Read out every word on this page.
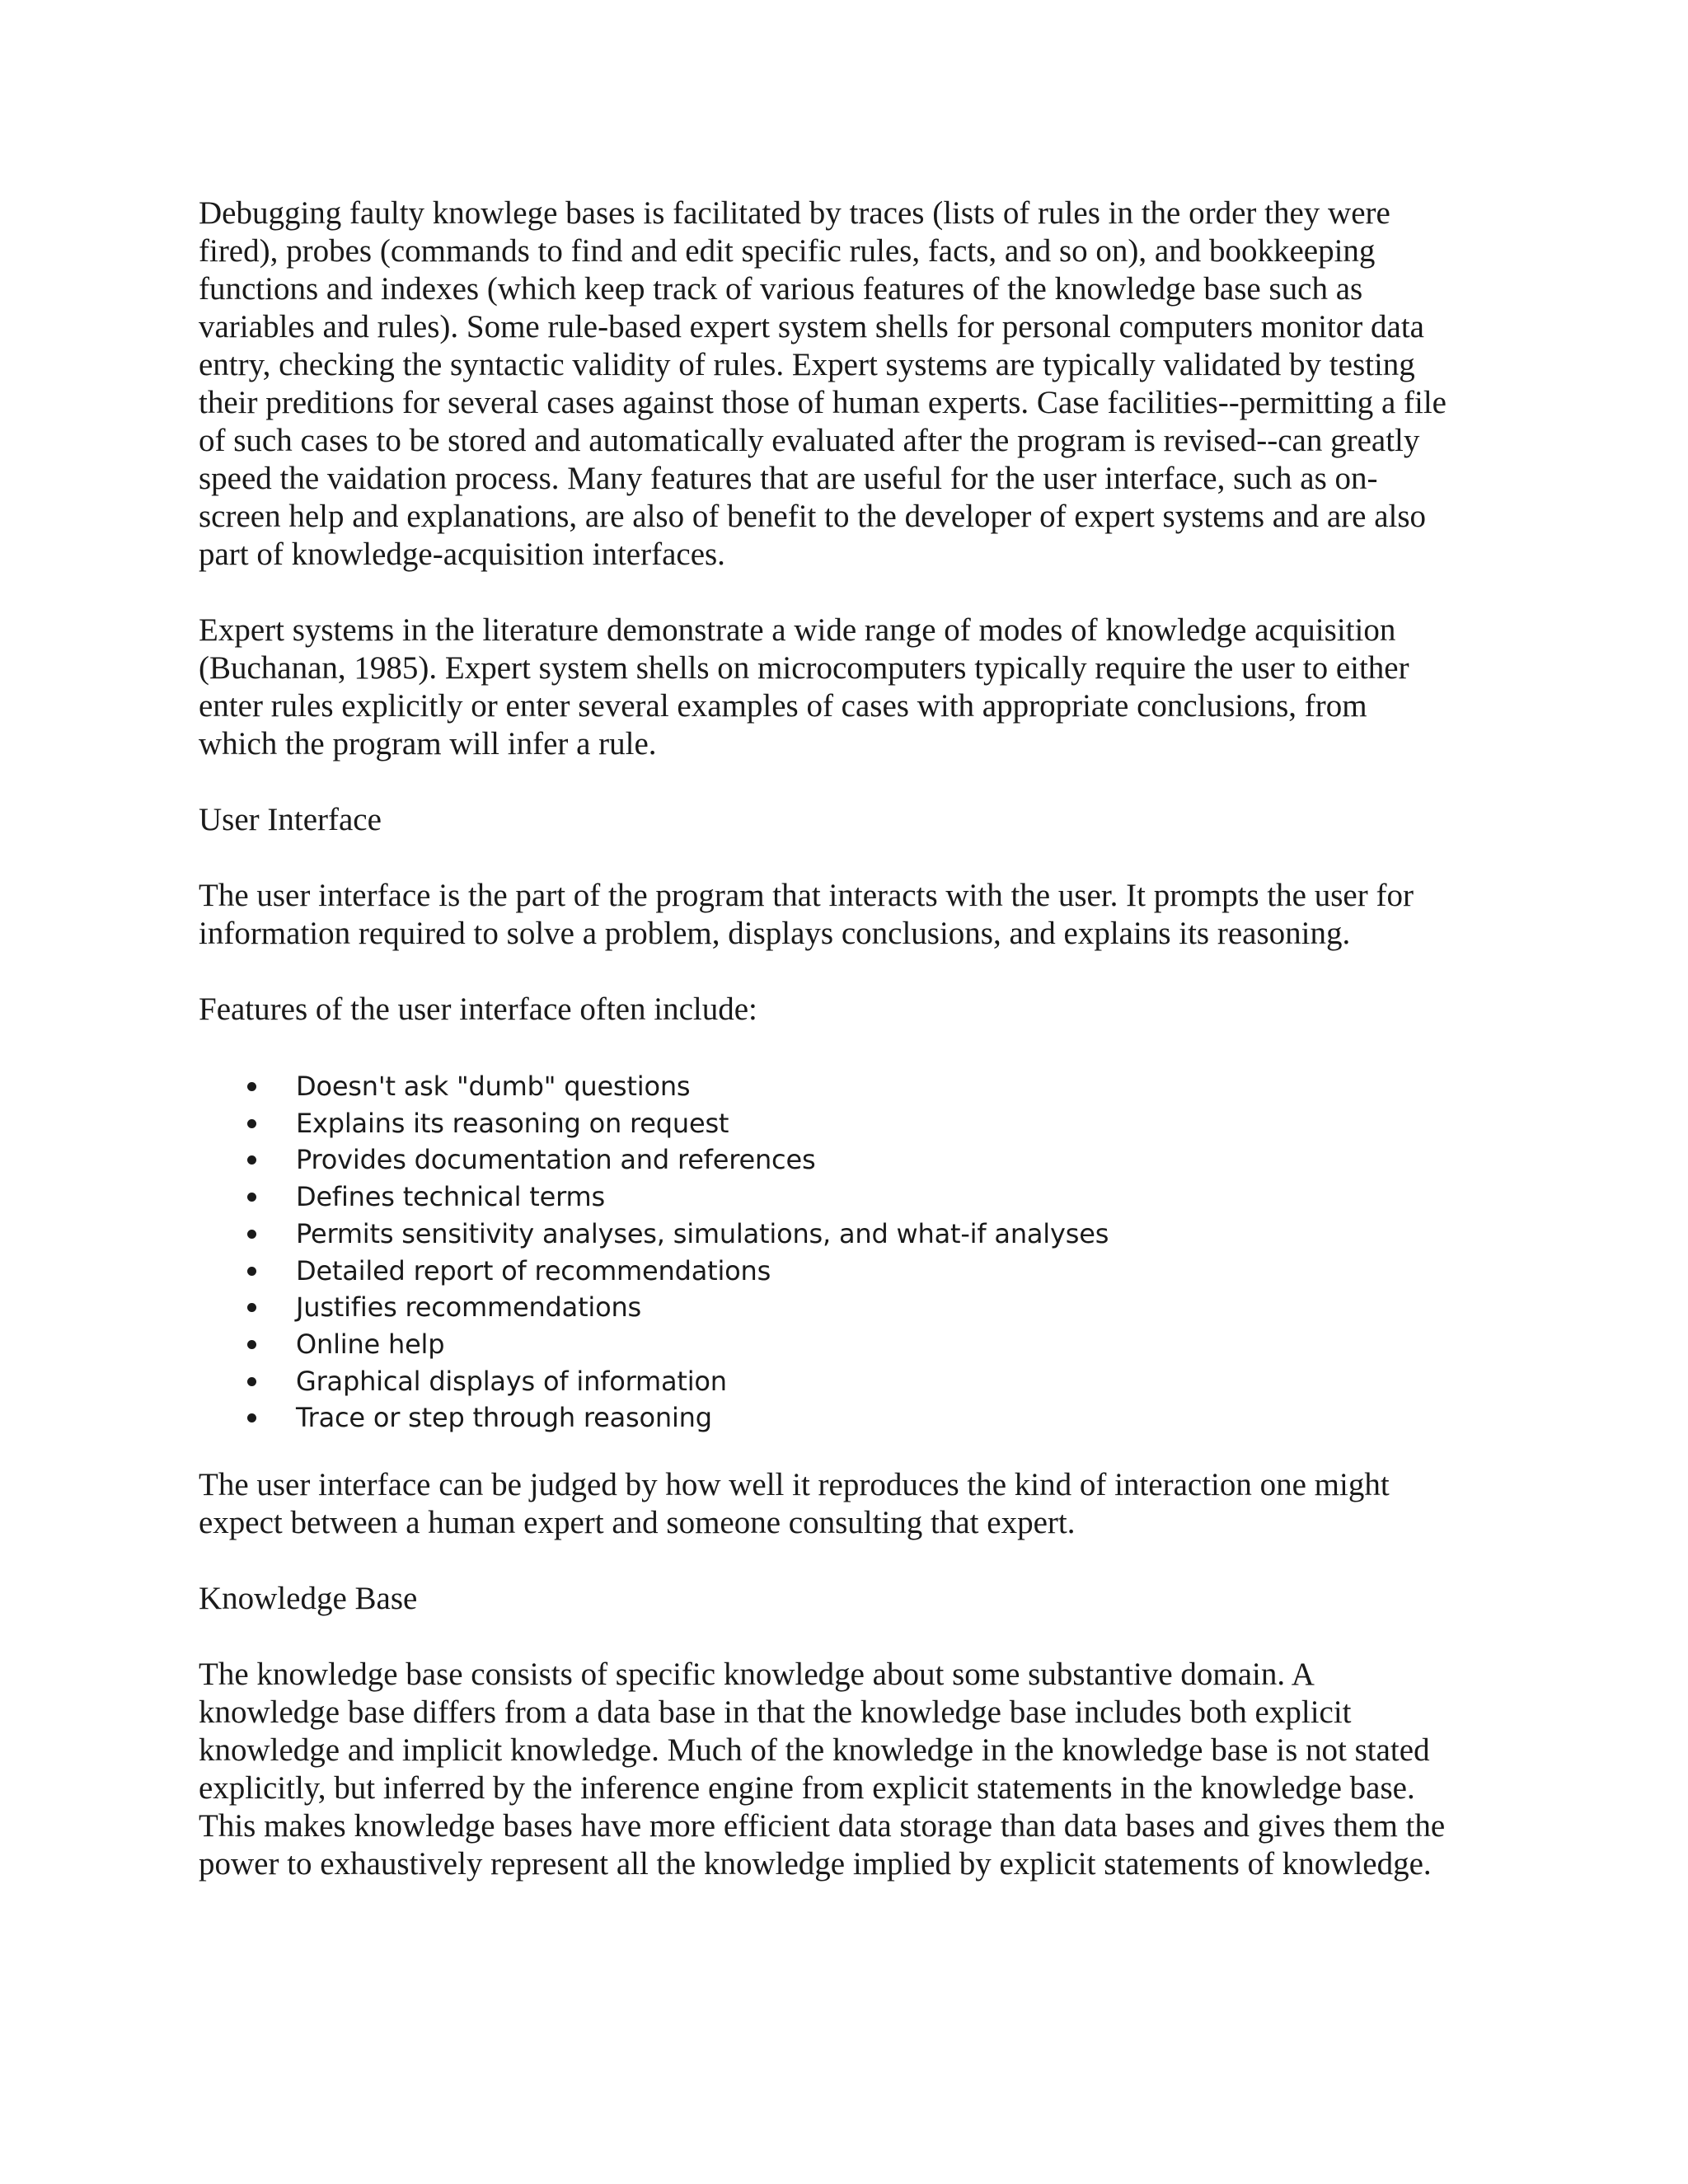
Debugging faulty knowlege bases is facilitated by traces (lists of rules in the order they were
fired), probes (commands to find and edit specific rules, facts, and so on), and bookkeeping
functions and indexes (which keep track of various features of the knowledge base such as
variables and rules). Some rule-based expert system shells for personal computers monitor data
entry, checking the syntactic validity of rules. Expert systems are typically validated by testing
their preditions for several cases against those of human experts. Case facilities--permitting a file
of such cases to be stored and automatically evaluated after the program is revised--can greatly
speed the vaidation process. Many features that are useful for the user interface, such as on-
screen help and explanations, are also of benefit to the developer of expert systems and are also
part of knowledge-acquisition interfaces.

Expert systems in the literature demonstrate a wide range of modes of knowledge acquisition
(Buchanan, 1985). Expert system shells on microcomputers typically require the user to either
enter rules explicitly or enter several examples of cases with appropriate conclusions, from
which the program will infer a rule.

User Interface

The user interface is the part of the program that interacts with the user. It prompts the user for
information required to solve a problem, displays conclusions, and explains its reasoning.

Features of the user interface often include:

Doesn't ask "dumb" questions
Explains its reasoning on request
Provides documentation and references
Defines technical terms
Permits sensitivity analyses, simulations, and what-if analyses
Detailed report of recommendations
Justifies recommendations
Online help
Graphical displays of information
Trace or step through reasoning

The user interface can be judged by how well it reproduces the kind of interaction one might
expect between a human expert and someone consulting that expert.

Knowledge Base

The knowledge base consists of specific knowledge about some substantive domain. A
knowledge base differs from a data base in that the knowledge base includes both explicit
knowledge and implicit knowledge. Much of the knowledge in the knowledge base is not stated
explicitly, but inferred by the inference engine from explicit statements in the knowledge base.
This makes knowledge bases have more efficient data storage than data bases and gives them the
power to exhaustively represent all the knowledge implied by explicit statements of knowledge.
